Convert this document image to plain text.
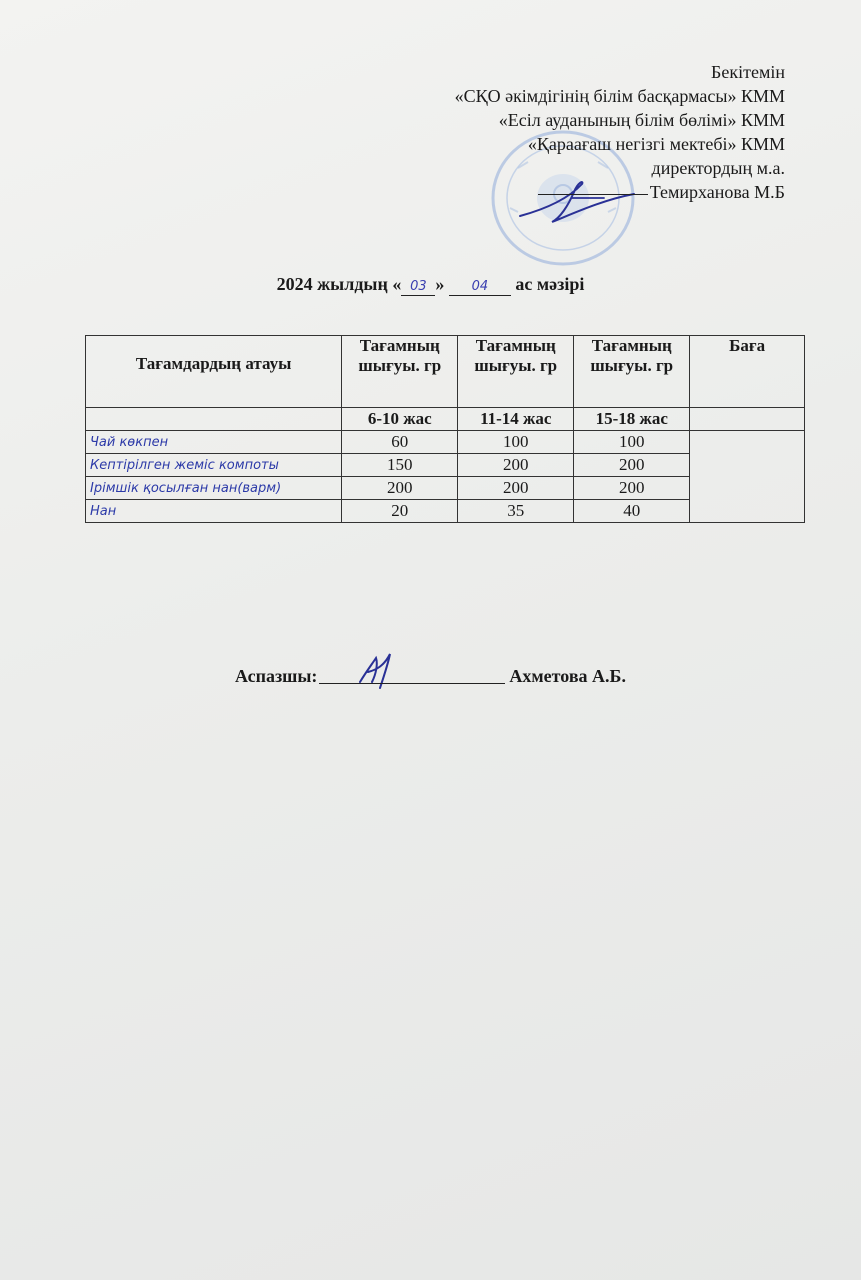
Бекітемін
«СҚО әкімдігінің білім басқармасы» КММ
«Есіл ауданының білім бөлімі» КММ
«Қараағаш негізгі мектебі» КММ
директордың м.а.
Темирханова М.Б
2024 жылдың « 03 » 04 ас мәзірі
Тағамдардың атауы	Тағамның шығуы. гр	Тағамның шығуы. гр	Тағамның шығуы. гр	Баға
	6-10 жас	11-14 жас	15-18 жас	
Чай көкпен	60	100	100	
Кептірілген жеміс компоты	150	200	200	
Ірімшік қосылған нан(варм)	200	200	200	
Нан	20	35	40	
Аспазшы:	Ахметова А.Б.
